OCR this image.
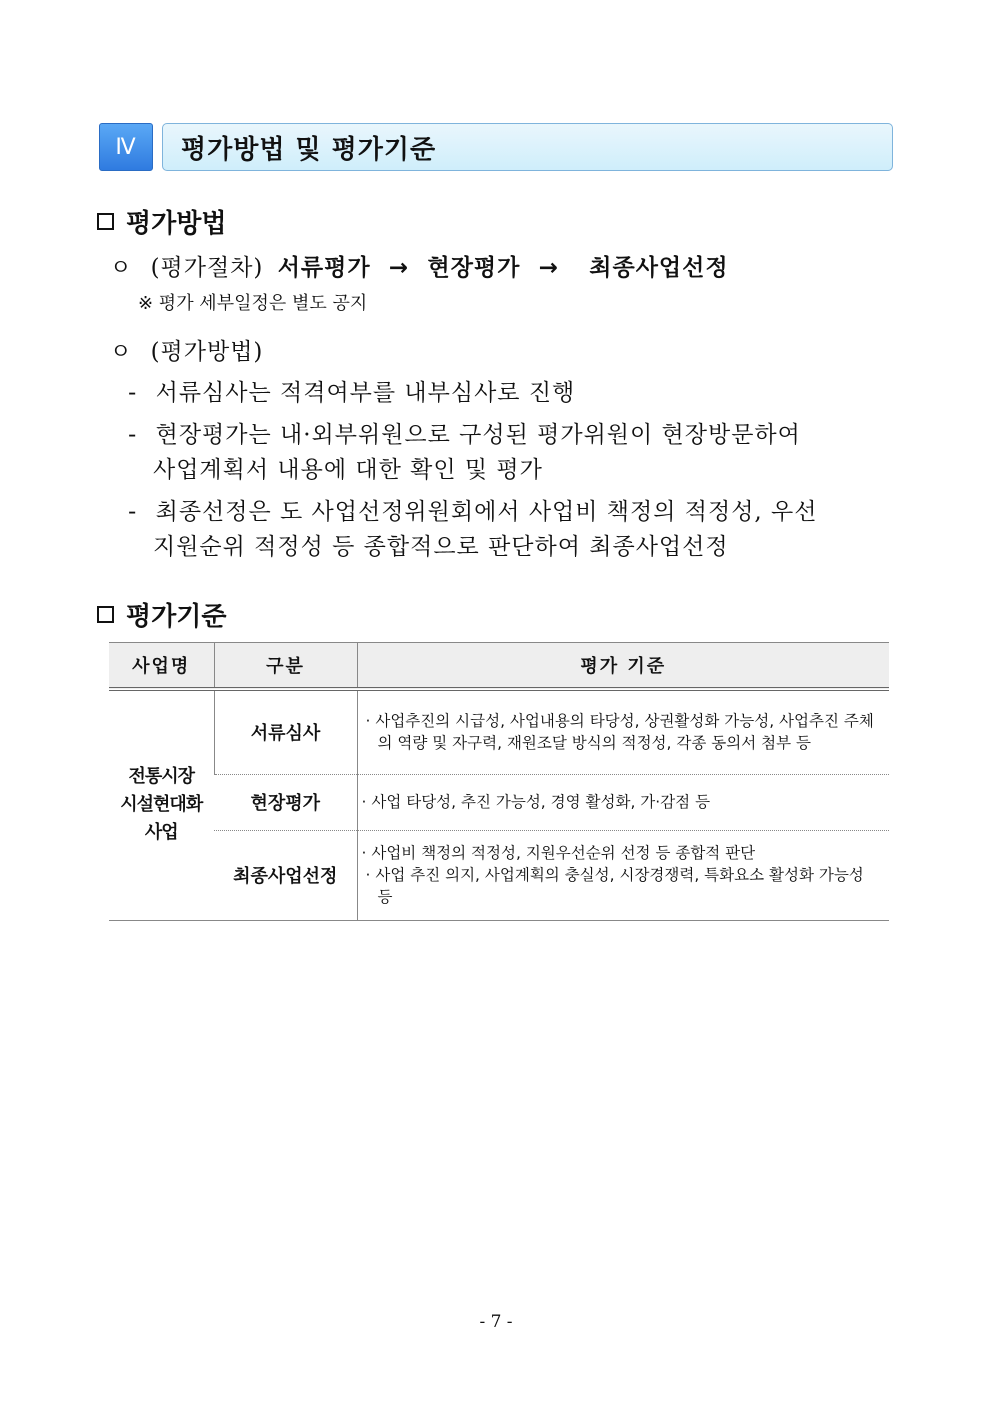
Ⅳ	평가방법 및 평가기준
평가방법
ㅇ (평가절차) 서류평가 → 현장평가 → 최종사업선정
※ 평가 세부일정은 별도 공지
ㅇ (평가방법)
- 서류심사는 적격여부를 내부심사로 진행
- 현장평가는 내·외부위원으로 구성된 평가위원이 현장방문하여
사업계획서 내용에 대한 확인 및 평가
- 최종선정은 도 사업선정위원회에서 사업비 책정의 적정성, 우선
지원순위 적정성 등 종합적으로 판단하여 최종사업선정
평가기준
사업명	구분	평가 기준

전통시장
시설현대화
사업	서류심사	· 사업추진의 시급성, 사업내용의 타당성, 상권활성화 가능성, 사업추진 주체의 역량 및 자구력, 재원조달 방식의 적정성, 각종 동의서 첨부 등

	현장평가	· 사업 타당성, 추진 가능성, 경영 활성화, 가·감점 등

	최종사업선정	· 사업비 책정의 적정성, 지원우선순위 선정 등 종합적 판단
· 사업 추진 의지, 사업계획의 충실성, 시장경쟁력, 특화요소 활성화 가능성 등
- 7 -
